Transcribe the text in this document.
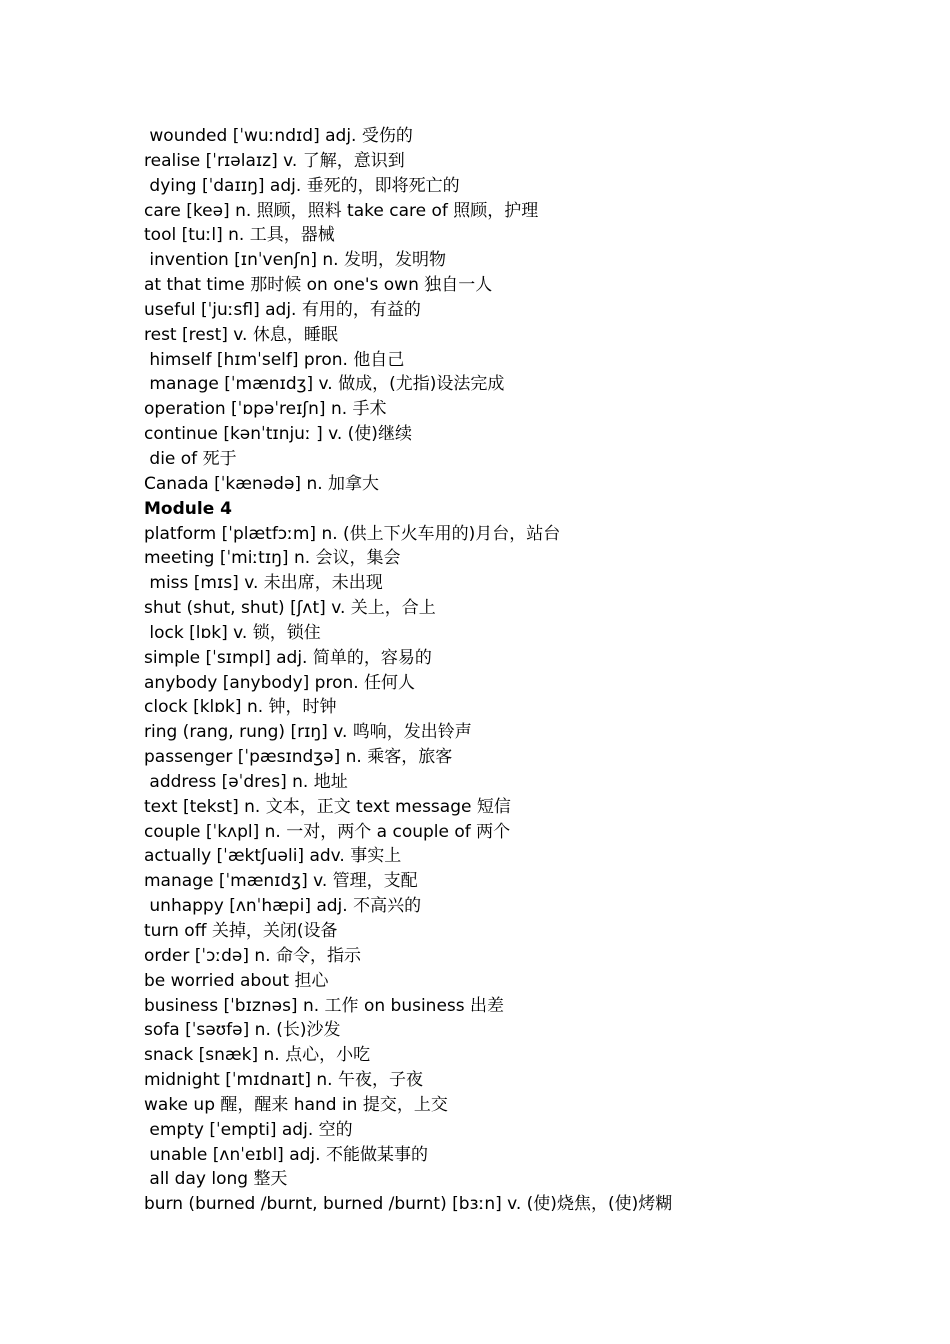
wounded [ˈwuːndɪd] adj. 受伤的
realise [ˈrɪəlaɪz] v. 了解，意识到
dying [ˈdaɪɪŋ] adj. 垂死的，即将死亡的
care [keə] n. 照顾，照料 take care of 照顾，护理
tool [tuːl] n. 工具，器械
invention [ɪnˈvenʃn] n. 发明，发明物
at that time 那时候 on one's own 独自一人
useful [ˈjuːsfl] adj. 有用的，有益的
rest [rest] v. 休息，睡眠
himself [hɪmˈself] pron. 他自己
manage [ˈmænɪdʒ] v. 做成，(尤指)设法完成
operation [ˈɒpəˈreɪʃn] n. 手术
continue [kənˈtɪnjuː ] v. (使)继续
die of 死于
Canada [ˈkænədə] n. 加拿大
Module 4
platform [ˈplætfɔːm] n. (供上下火车用的)月台，站台
meeting [ˈmiːtɪŋ] n. 会议，集会
miss [mɪs] v. 未出席，未出现
shut (shut, shut) [ʃʌt] v. 关上，合上
lock [lɒk] v. 锁，锁住
simple [ˈsɪmpl] adj. 简单的，容易的
anybody [anybody] pron. 任何人
clock [klɒk] n. 钟，时钟
ring (rang, rung) [rɪŋ] v. 鸣响，发出铃声
passenger [ˈpæsɪndʒə] n. 乘客，旅客
address [əˈdres] n. 地址
text [tekst] n. 文本，正文 text message 短信
couple [ˈkʌpl] n. 一对，两个 a couple of 两个
actually [ˈæktʃuəli] adv. 事实上
manage [ˈmænɪdʒ] v. 管理，支配
unhappy [ʌnˈhæpi] adj. 不高兴的
turn off 关掉，关闭(设备
order [ˈɔːdə] n. 命令，指示
be worried about 担心
business [ˈbɪznəs] n. 工作 on business 出差
sofa [ˈsəʊfə] n. (长)沙发
snack [snæk] n. 点心，小吃
midnight [ˈmɪdnaɪt] n. 午夜，子夜
wake up 醒，醒来 hand in 提交，上交
empty [ˈempti] adj. 空的
unable [ʌnˈeɪbl] adj. 不能做某事的
all day long 整天
burn (burned /burnt, burned /burnt) [bɜːn] v. (使)烧焦，(使)烤糊
